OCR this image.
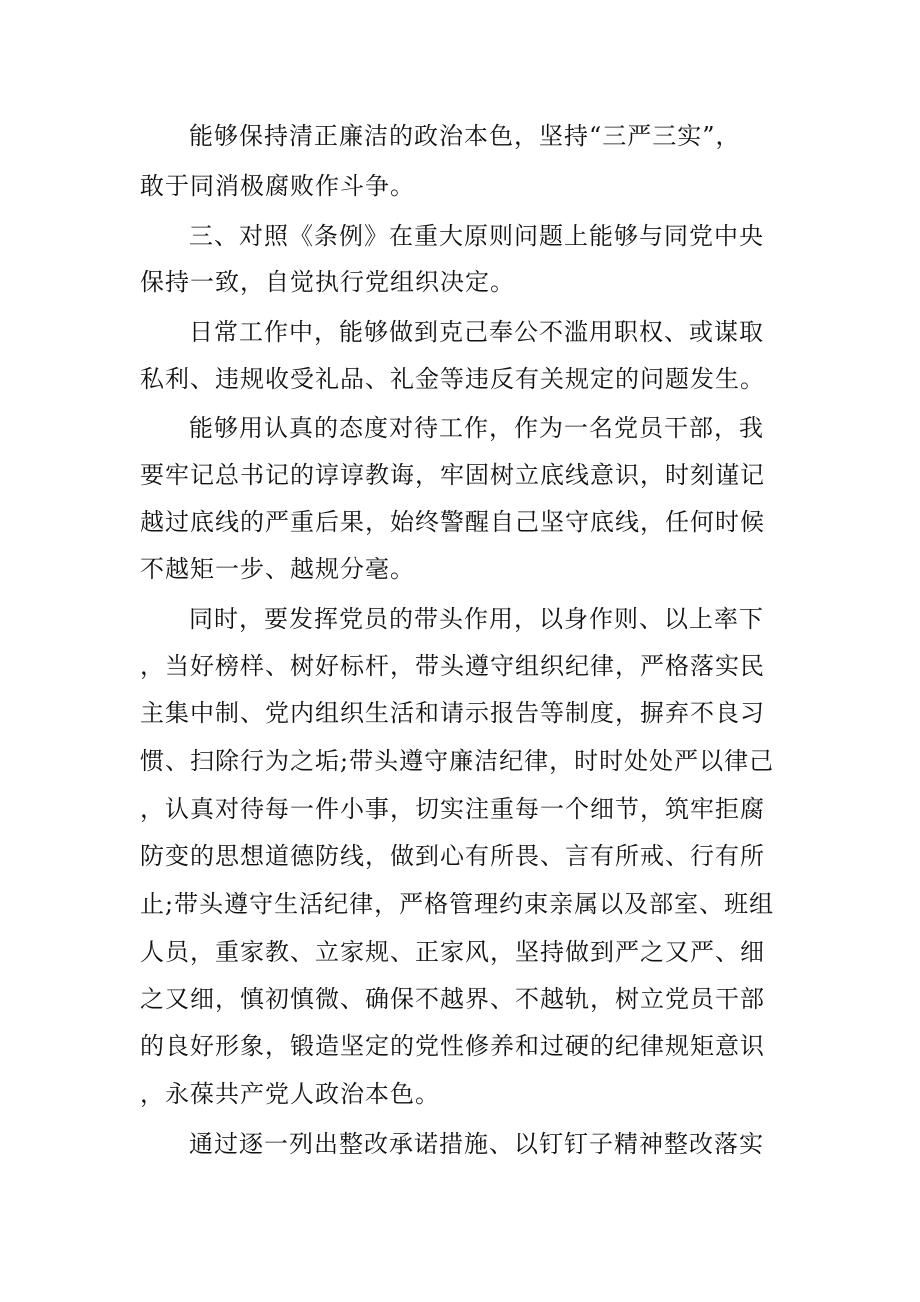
能够保持清正廉洁的政治本色，坚持“三严三实”，
敢于同消极腐败作斗争。
三、对照《条例》在重大原则问题上能够与同党中央
保持一致，自觉执行党组织决定。
日常工作中，能够做到克己奉公不滥用职权、或谋取
私利、违规收受礼品、礼金等违反有关规定的问题发生。
能够用认真的态度对待工作，作为一名党员干部，我
要牢记总书记的谆谆教诲，牢固树立底线意识，时刻谨记
越过底线的严重后果，始终警醒自己坚守底线，任何时候
不越矩一步、越规分毫。
同时，要发挥党员的带头作用，以身作则、以上率下
，当好榜样、树好标杆，带头遵守组织纪律，严格落实民
主集中制、党内组织生活和请示报告等制度，摒弃不良习
惯、扫除行为之垢;带头遵守廉洁纪律，时时处处严以律己
，认真对待每一件小事，切实注重每一个细节，筑牢拒腐
防变的思想道德防线，做到心有所畏、言有所戒、行有所
止;带头遵守生活纪律，严格管理约束亲属以及部室、班组
人员，重家教、立家规、正家风，坚持做到严之又严、细
之又细，慎初慎微、确保不越界、不越轨，树立党员干部
的良好形象，锻造坚定的党性修养和过硬的纪律规矩意识
，永葆共产党人政治本色。
通过逐一列出整改承诺措施、以钉钉子精神整改落实
